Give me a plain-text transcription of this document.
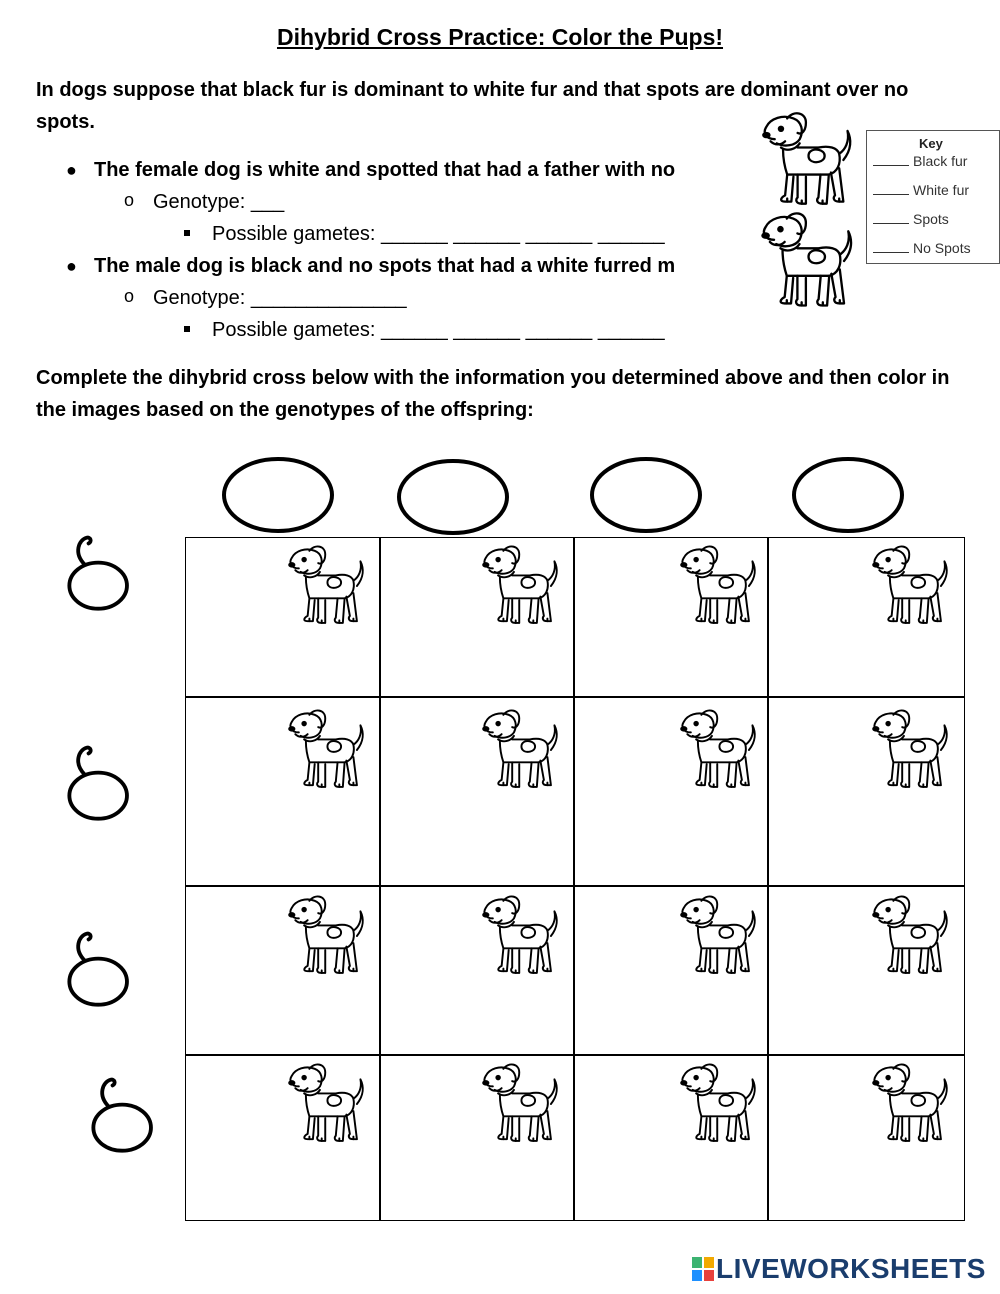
Dihybrid Cross Practice: Color the Pups!
In dogs suppose that black fur is dominant to white fur and that spots are dominant over no spots.
● The female dog is white and spotted that had a father with no
o Genotype: ___
Possible gametes: ______ ______ ______ ______
● The male dog is black and no spots that had a white furred m
o Genotype: ______________
Possible gametes: ______ ______ ______ ______
Key
Black fur
White fur
Spots
No Spots
Complete the dihybrid cross below with the information you determined above and then color in the images based on the genotypes of the offspring:
LIVEWORKSHEETS
